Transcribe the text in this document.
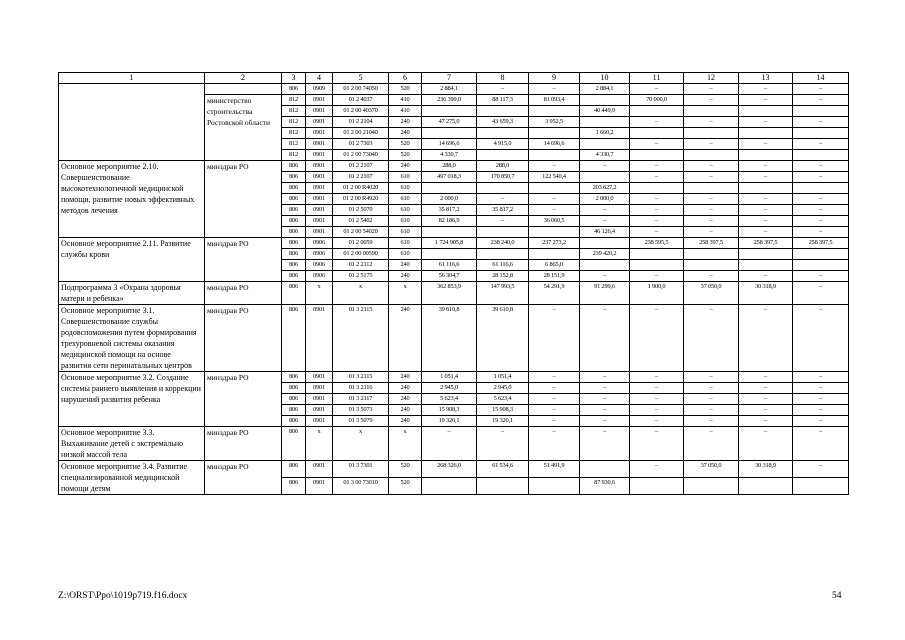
1	2	3	4	5	6	7	8	9	10	11	12	13	14
		806	0909	01 2 00 74050	520	2 884,1	–	–	2 884,1	–	–	–	–
	министерство строительства Ростовской области	812	0901	01 2 4037	410	236 399,0	88 117,3	81 093,4		70 000,0	–	–	–
		812	0901	01 2 00 40370	410				40 449,9				
		812	0901	01 2 2104	240	47 275,0	43 659,3	3 952,5		–	–	–	–
		812	0901	01 2 00 21040	240				1 660,2				
		812	0901	01 2 7303	520	14 696,6	4 915,0	14 696,6		–	–	–	–
		812	0901	01 2 00 73040	520	4 330,7			4 330,7				
Основное мероприятие 2.10. Совершенствование высокотехнологичной медицинской помощи, развитие новых эффективных методов лечения	минздрав РО	806	0901	01 2 2107	240	288,0	288,0	–	–	–	–	–	–
		806	0901	01 2 2107	610	497 018,3	170 850,7	122 540,4		–	–	–	–
		806	0901	01 2 00 R4020	610				203 627,2				
		806	0901	01 2 00 R4920	610	2 000,0	–	–	2 000,0	–	–	–	–
		806	0901	01 2 5070	610	35 817,2	35 817,2	–	–	–	–	–	–
		806	0901	01 2 5402	610	82 186,9	–	36 060,5	–	–	–	–	–
		806	0901	01 2 00 54020	610				46 126,4	–	–	–	–
Основное мероприятие 2.11. Развитие службы крови	минздрав РО	806	0906	01 2 0059	610	1 724 905,8	238 240,0	237 273,2		238 595,5	258 397,5	258 397,5	258 397,5
		806	0906	01 2 00 00590	610				239 420,2				
		806	0906	01 2 2112	240	61 116,6	61 116,6	6 865,0					
		806	0906	01 2 5175	240	56 304,7	28 152,8	28 151,9	–	–	–	–	–
Подпрограмма 3 «Охрана здоровья матери и ребенка»	минздрав РО	806	x	x	x	362 853,9	147 993,5	54 291,9	91 299,6	1 900,0	37 050,0	30 318,9	–
Основное мероприятие 3.1. Совершенствование службы родовспоможения путем формирования трехуровневой системы оказания медицинской помощи на основе развития сети перинатальных центров	минздрав РО	806	0901	01 3 2115	240	39 610,8	39 610,8	–	–	–	–	–	–
Основное мероприятие 3.2. Создание системы раннего выявления и коррекции нарушений развития ребенка	минздрав РО	806	0901	01 3 2115	240	1 051,4	1 051,4	–	–	–	–	–	–
		806	0901	01 3 2116	240	2 945,0	2 945,0	–	–	–	–	–	–
		806	0901	01 3 2117	240	5 623,4	5 623,4	–	–	–	–	–	–
		806	0901	01 3 5073	240	15 908,3	15 908,3	–	–	–	–	–	–
		806	0901	01 3 5079	240	19 320,1	19 320,1	–	–	–	–	–	–
Основное мероприятие 3.3. Выхаживание детей с экстремально низкой массой тела	минздрав РО	806	x	x	x	–	–	–	–	–	–	–	–
Основное мероприятие 3.4. Развитие специализированной медицинской помощи детям	минздрав РО	806	0901	01 3 7301	520	268 326,0	61 534,6	51 491,9		–	37 050,0	30 318,9	–
		806	0901	01 3 00 73010	520				87 930,6				
Z:\ORST\Ppo\1019p719.f16.docx	54
